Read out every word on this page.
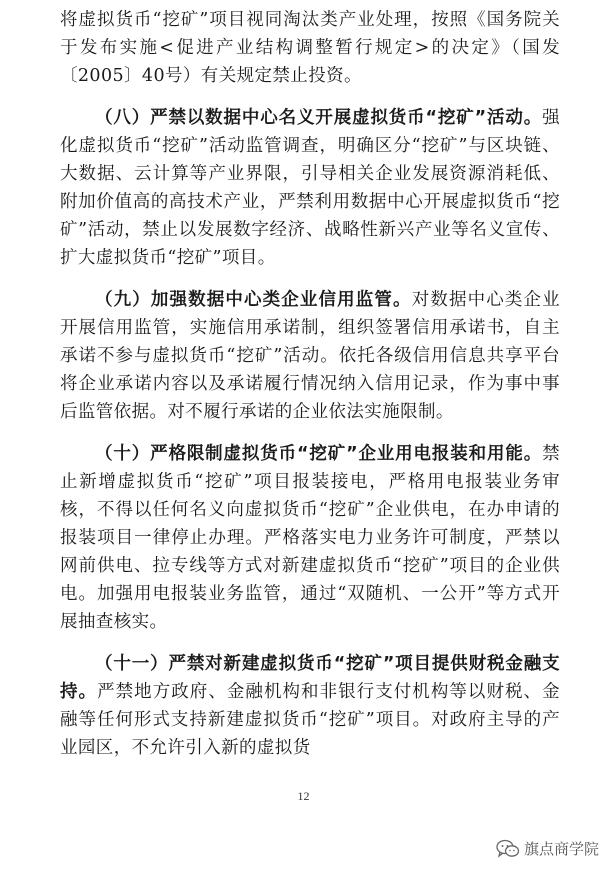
将虚拟货币“挖矿”项目视同淘汰类产业处理，按照《国务院关于发布实施<促进产业结构调整暂行规定>的决定》（国发〔2005〕40号）有关规定禁止投资。

（八）严禁以数据中心名义开展虚拟货币“挖矿”活动。强化虚拟货币“挖矿”活动监管调查，明确区分“挖矿”与区块链、大数据、云计算等产业界限，引导相关企业发展资源消耗低、附加价值高的高技术产业，严禁利用数据中心开展虚拟货币“挖矿”活动，禁止以发展数字经济、战略性新兴产业等名义宣传、扩大虚拟货币“挖矿”项目。

（九）加强数据中心类企业信用监管。对数据中心类企业开展信用监管，实施信用承诺制，组织签署信用承诺书，自主承诺不参与虚拟货币“挖矿”活动。依托各级信用信息共享平台将企业承诺内容以及承诺履行情况纳入信用记录，作为事中事后监管依据。对不履行承诺的企业依法实施限制。

（十）严格限制虚拟货币“挖矿”企业用电报装和用能。禁止新增虚拟货币“挖矿”项目报装接电，严格用电报装业务审核，不得以任何名义向虚拟货币“挖矿”企业供电，在办申请的报装项目一律停止办理。严格落实电力业务许可制度，严禁以网前供电、拉专线等方式对新建虚拟货币“挖矿”项目的企业供电。加强用电报装业务监管，通过“双随机、一公开”等方式开展抽查核实。

（十一）严禁对新建虚拟货币“挖矿”项目提供财税金融支持。严禁地方政府、金融机构和非银行支付机构等以财税、金融等任何形式支持新建虚拟货币“挖矿”项目。对政府主导的产业园区，不允许引入新的虚拟货

12
旗点商学院
